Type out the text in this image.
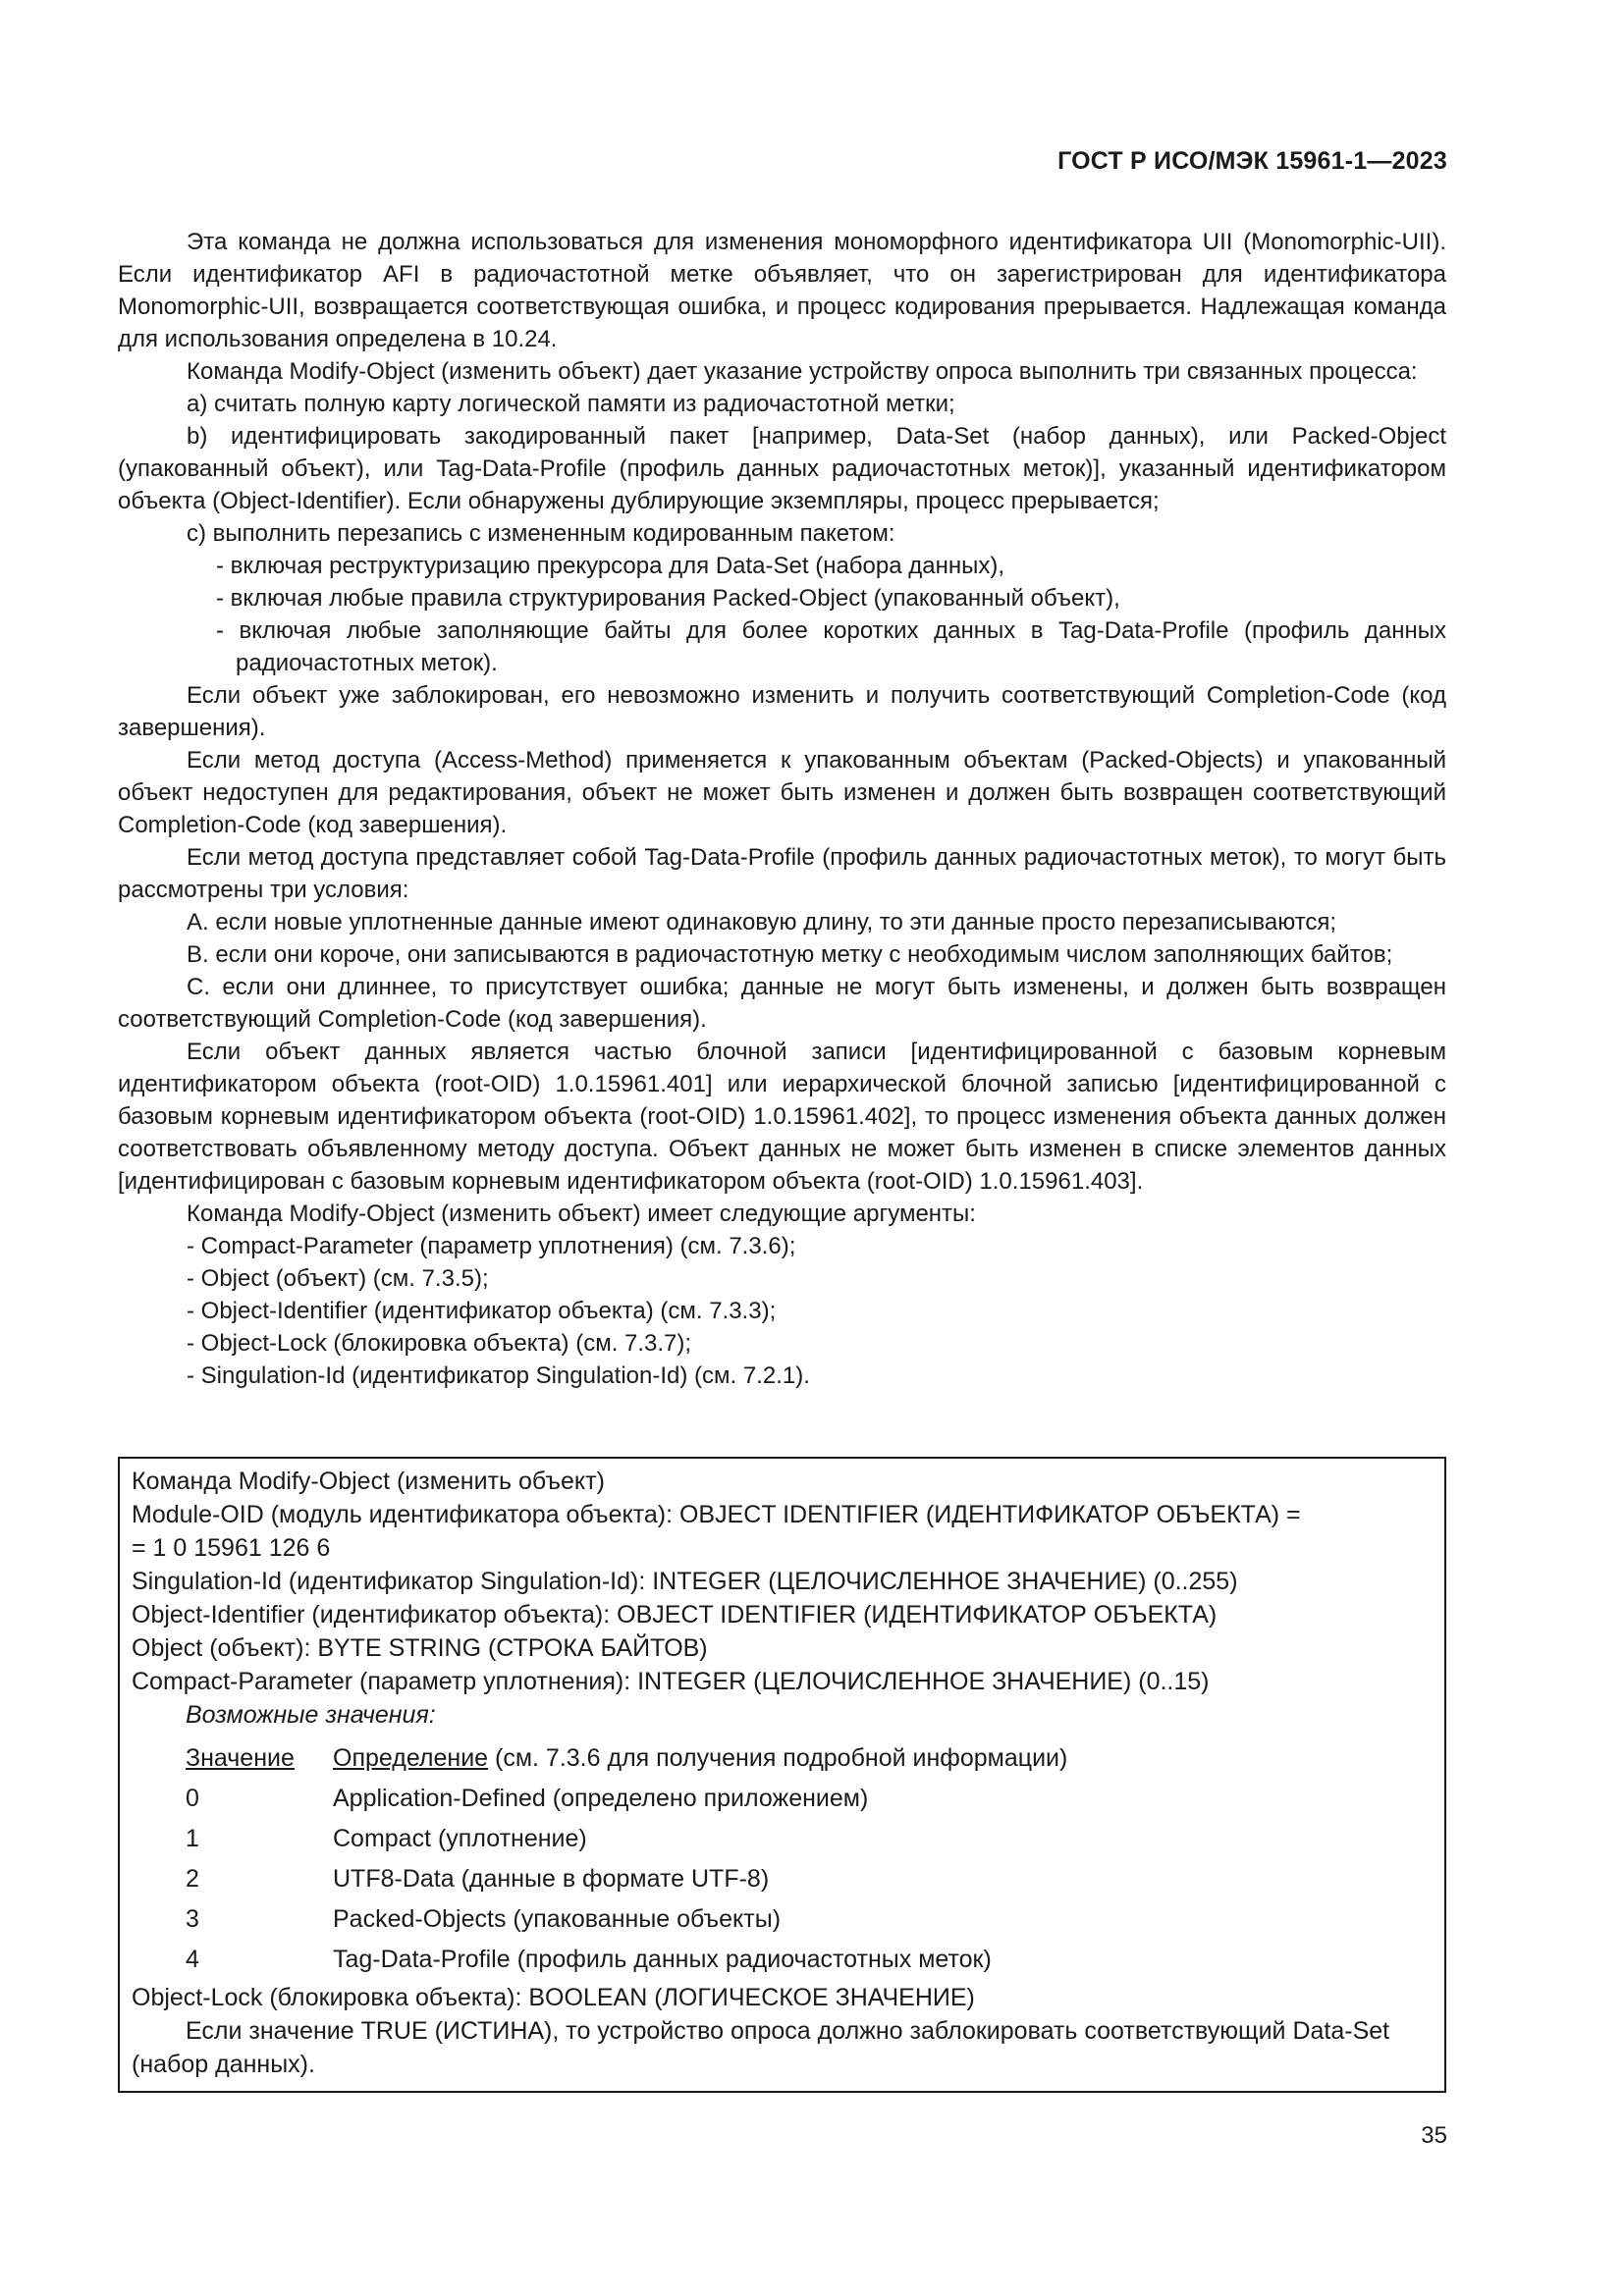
ГОСТ Р ИСО/МЭК 15961-1—2023

Эта команда не должна использоваться для изменения мономорфного идентификатора UII (Monomorphic-UII). Если идентификатор AFI в радиочастотной метке объявляет, что он зарегистрирован для идентификатора Monomorphic-UII, возвращается соответствующая ошибка, и процесс кодирования прерывается. Надлежащая команда для использования определена в 10.24.

Команда Modify-Object (изменить объект) дает указание устройству опроса выполнить три связанных процесса:

а) считать полную карту логической памяти из радиочастотной метки;

b) идентифицировать закодированный пакет [например, Data-Set (набор данных), или Packed-Object (упакованный объект), или Tag-Data-Profile (профиль данных радиочастотных меток)], указанный идентификатором объекта (Object-Identifier). Если обнаружены дублирующие экземпляры, процесс прерывается;

с) выполнить перезапись с измененным кодированным пакетом:

- включая реструктуризацию прекурсора для Data-Set (набора данных),

- включая любые правила структурирования Packed-Object (упакованный объект),

- включая любые заполняющие байты для более коротких данных в Tag-Data-Profile (профиль данных радиочастотных меток).

Если объект уже заблокирован, его невозможно изменить и получить соответствующий Completion-Code (код завершения).

Если метод доступа (Access-Method) применяется к упакованным объектам (Packed-Objects) и упакованный объект недоступен для редактирования, объект не может быть изменен и должен быть возвращен соответствующий Completion-Code (код завершения).

Если метод доступа представляет собой Tag-Data-Profile (профиль данных радиочастотных меток), то могут быть рассмотрены три условия:

А. если новые уплотненные данные имеют одинаковую длину, то эти данные просто перезаписываются;

В. если они короче, они записываются в радиочастотную метку с необходимым числом заполняющих байтов;

С. если они длиннее, то присутствует ошибка; данные не могут быть изменены, и должен быть возвращен соответствующий Completion-Code (код завершения).

Если объект данных является частью блочной записи [идентифицированной с базовым корневым идентификатором объекта (root-OID) 1.0.15961.401] или иерархической блочной записью [идентифицированной с базовым корневым идентификатором объекта (root-OID) 1.0.15961.402], то процесс изменения объекта данных должен соответствовать объявленному методу доступа. Объект данных не может быть изменен в списке элементов данных [идентифицирован с базовым корневым идентификатором объекта (root-OID) 1.0.15961.403].

Команда Modify-Object (изменить объект) имеет следующие аргументы:

- Compact-Parameter (параметр уплотнения) (см. 7.3.6);

- Object (объект) (см. 7.3.5);

- Object-Identifier (идентификатор объекта) (см. 7.3.3);

- Object-Lock (блокировка объекта) (см. 7.3.7);

- Singulation-Id (идентификатор Singulation-Id) (см. 7.2.1).

Команда Modify-Object (изменить объект)

Module-OID (модуль идентификатора объекта): OBJECT IDENTIFIER (ИДЕНТИФИКАТОР ОБЪЕКТА) =

= 1 0 15961 126 6

Singulation-Id (идентификатор Singulation-Id): INTEGER (ЦЕЛОЧИСЛЕННОЕ ЗНАЧЕНИЕ) (0..255)

Object-Identifier (идентификатор объекта): OBJECT IDENTIFIER (ИДЕНТИФИКАТОР ОБЪЕКТА)

Object (объект): BYTE STRING (СТРОКА БАЙТОВ)

Compact-Parameter (параметр уплотнения): INTEGER (ЦЕЛОЧИСЛЕННОЕ ЗНАЧЕНИЕ) (0..15)

Возможные значения:

Значение	Определение (см. 7.3.6 для получения подробной информации)
0	Application-Defined (определено приложением)
1	Compact (уплотнение)
2	UTF8-Data (данные в формате UTF-8)
3	Packed-Objects (упакованные объекты)
4	Tag-Data-Profile (профиль данных радиочастотных меток)

Object-Lock (блокировка объекта): BOOLEAN (ЛОГИЧЕСКОЕ ЗНАЧЕНИЕ)

Если значение TRUE (ИСТИНА), то устройство опроса должно заблокировать соответствующий Data-Set (набор данных).

35
